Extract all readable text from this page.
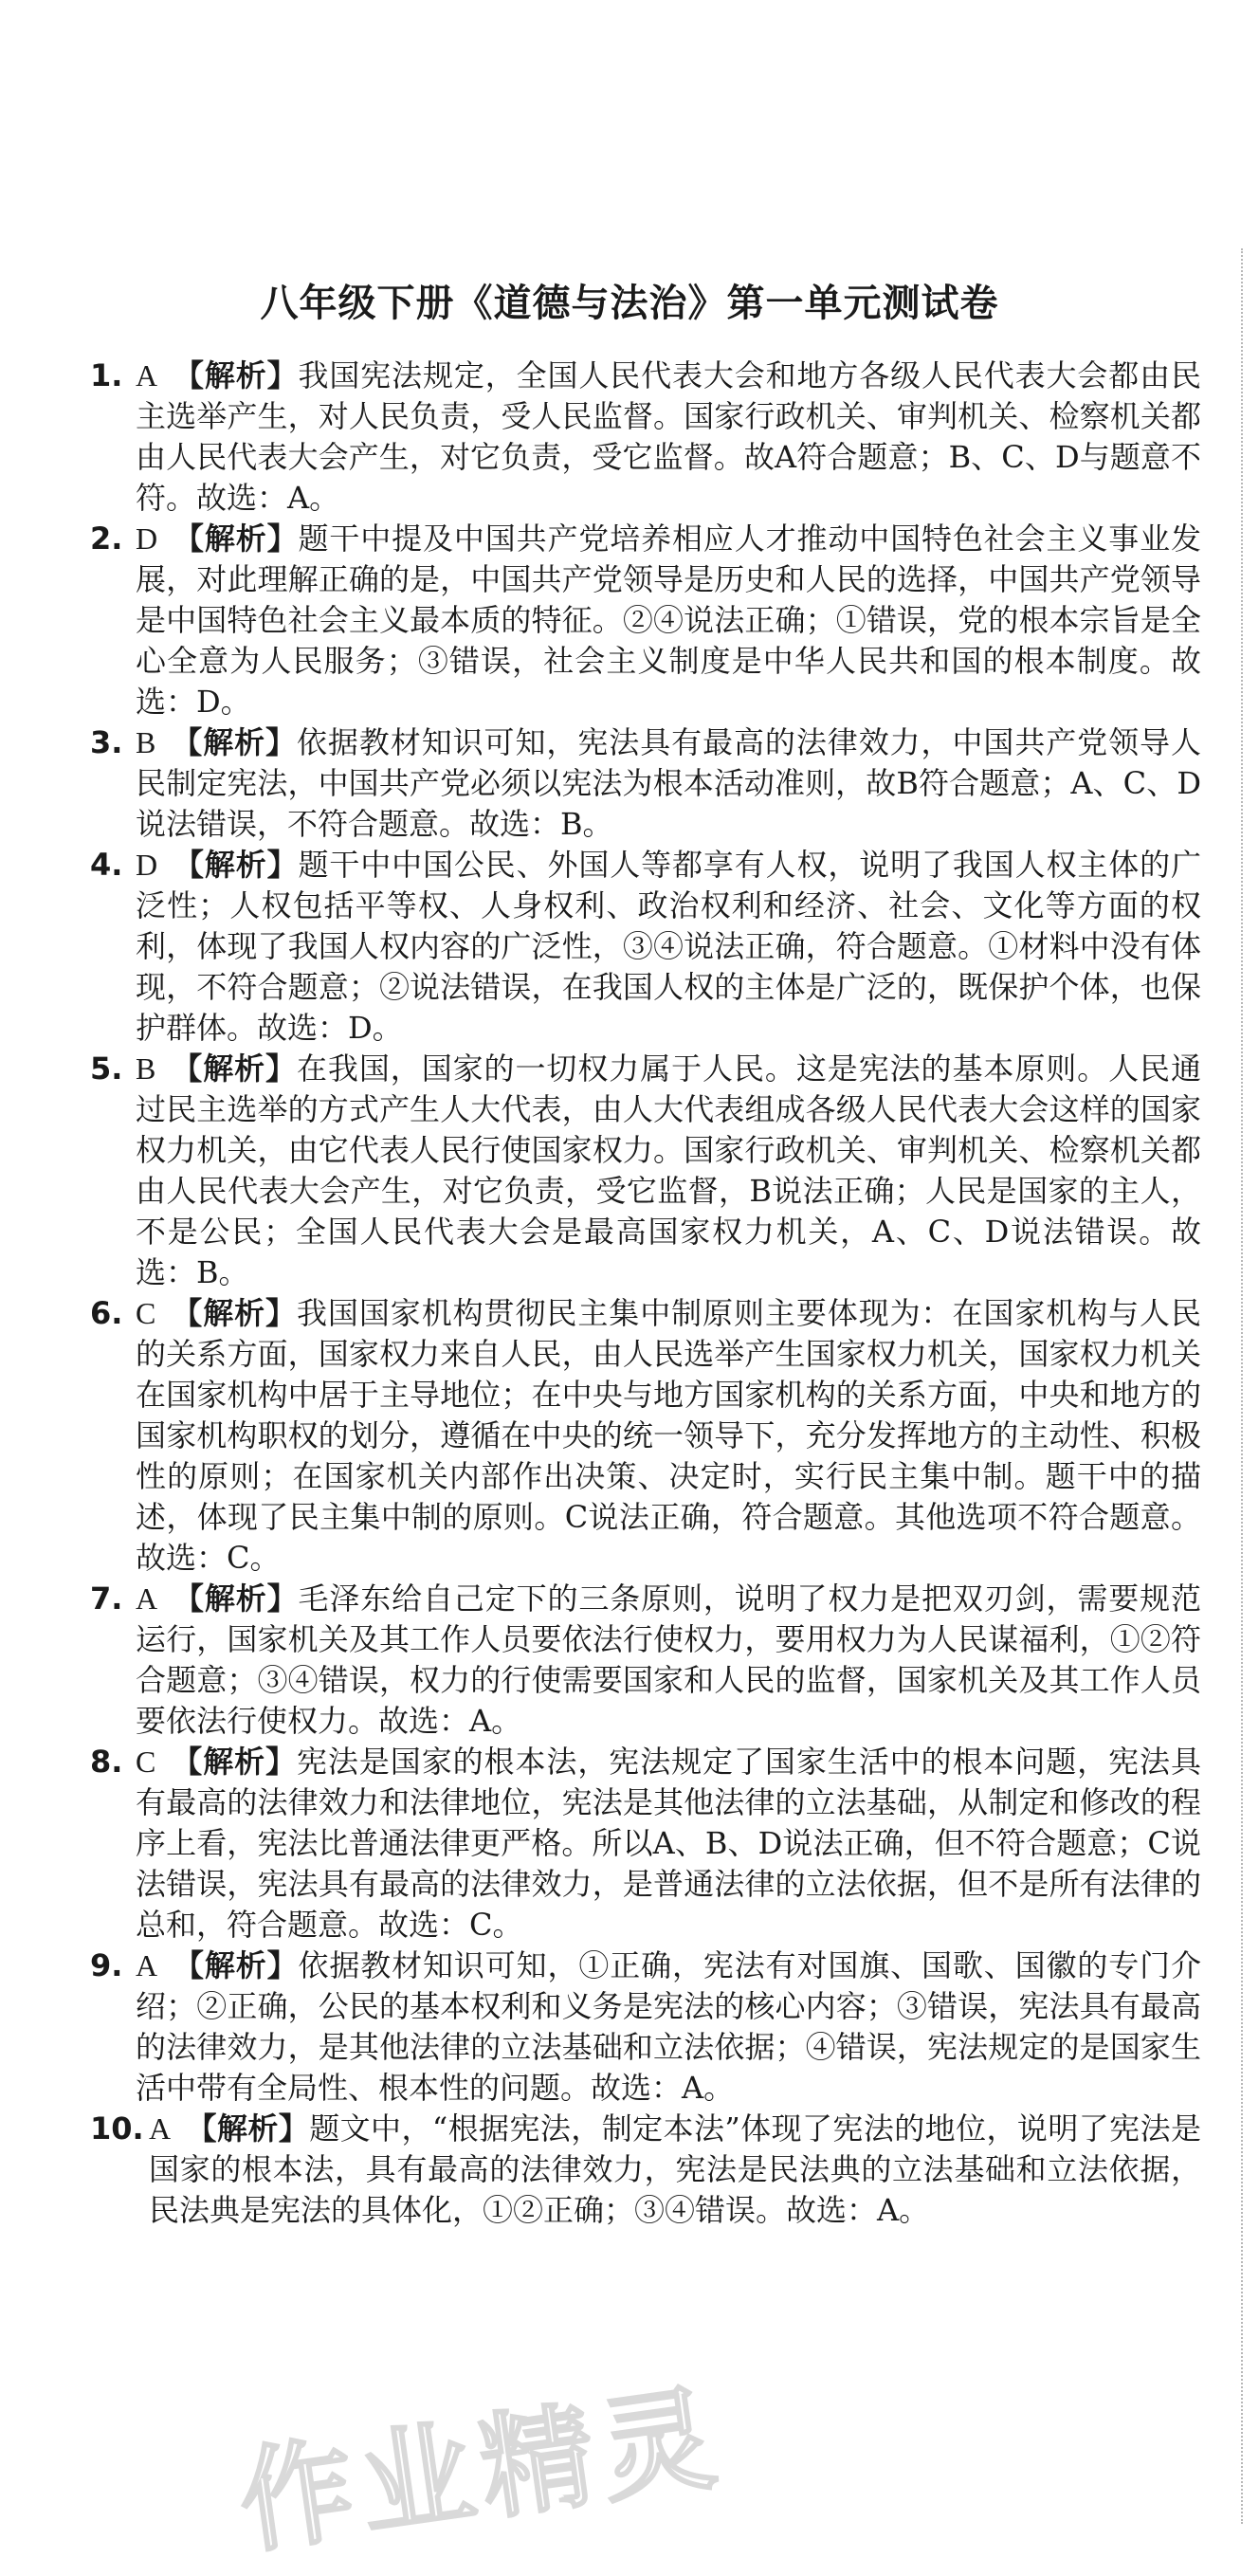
八年级下册《道德与法治》第一单元测试卷
1. A 【解析】我国宪法规定，全国人民代表大会和地方各级人民代表大会都由民主选举产生，对人民负责，受人民监督。国家行政机关、审判机关、检察机关都由人民代表大会产生，对它负责，受它监督。故A符合题意；B、C、D与题意不符。故选：A。
2. D 【解析】题干中提及中国共产党培养相应人才推动中国特色社会主义事业发展，对此理解正确的是，中国共产党领导是历史和人民的选择，中国共产党领导是中国特色社会主义最本质的特征。②④说法正确；①错误，党的根本宗旨是全心全意为人民服务；③错误，社会主义制度是中华人民共和国的根本制度。故选：D。
3. B 【解析】依据教材知识可知，宪法具有最高的法律效力，中国共产党领导人民制定宪法，中国共产党必须以宪法为根本活动准则，故B符合题意；A、C、D说法错误，不符合题意。故选：B。
4. D 【解析】题干中中国公民、外国人等都享有人权，说明了我国人权主体的广泛性；人权包括平等权、人身权利、政治权利和经济、社会、文化等方面的权利，体现了我国人权内容的广泛性，③④说法正确，符合题意。①材料中没有体现，不符合题意；②说法错误，在我国人权的主体是广泛的，既保护个体，也保护群体。故选：D。
5. B 【解析】在我国，国家的一切权力属于人民。这是宪法的基本原则。人民通过民主选举的方式产生人大代表，由人大代表组成各级人民代表大会这样的国家权力机关，由它代表人民行使国家权力。国家行政机关、审判机关、检察机关都由人民代表大会产生，对它负责，受它监督，B说法正确；人民是国家的主人，不是公民；全国人民代表大会是最高国家权力机关，A、C、D说法错误。故选：B。
6. C 【解析】我国国家机构贯彻民主集中制原则主要体现为：在国家机构与人民的关系方面，国家权力来自人民，由人民选举产生国家权力机关，国家权力机关在国家机构中居于主导地位；在中央与地方国家机构的关系方面，中央和地方的国家机构职权的划分，遵循在中央的统一领导下，充分发挥地方的主动性、积极性的原则；在国家机关内部作出决策、决定时，实行民主集中制。题干中的描述，体现了民主集中制的原则。C说法正确，符合题意。其他选项不符合题意。故选：C。
7. A 【解析】毛泽东给自己定下的三条原则，说明了权力是把双刃剑，需要规范运行，国家机关及其工作人员要依法行使权力，要用权力为人民谋福利，①②符合题意；③④错误，权力的行使需要国家和人民的监督，国家机关及其工作人员要依法行使权力。故选：A。
8. C 【解析】宪法是国家的根本法，宪法规定了国家生活中的根本问题，宪法具有最高的法律效力和法律地位，宪法是其他法律的立法基础，从制定和修改的程序上看，宪法比普通法律更严格。所以A、B、D说法正确，但不符合题意；C说法错误，宪法具有最高的法律效力，是普通法律的立法依据，但不是所有法律的总和，符合题意。故选：C。
9. A 【解析】依据教材知识可知，①正确，宪法有对国旗、国歌、国徽的专门介绍；②正确，公民的基本权利和义务是宪法的核心内容；③错误，宪法具有最高的法律效力，是其他法律的立法基础和立法依据；④错误，宪法规定的是国家生活中带有全局性、根本性的问题。故选：A。
10. A 【解析】题文中，“根据宪法，制定本法”体现了宪法的地位，说明了宪法是国家的根本法，具有最高的法律效力，宪法是民法典的立法基础和立法依据，民法典是宪法的具体化，①②正确；③④错误。故选：A。
作业精灵
